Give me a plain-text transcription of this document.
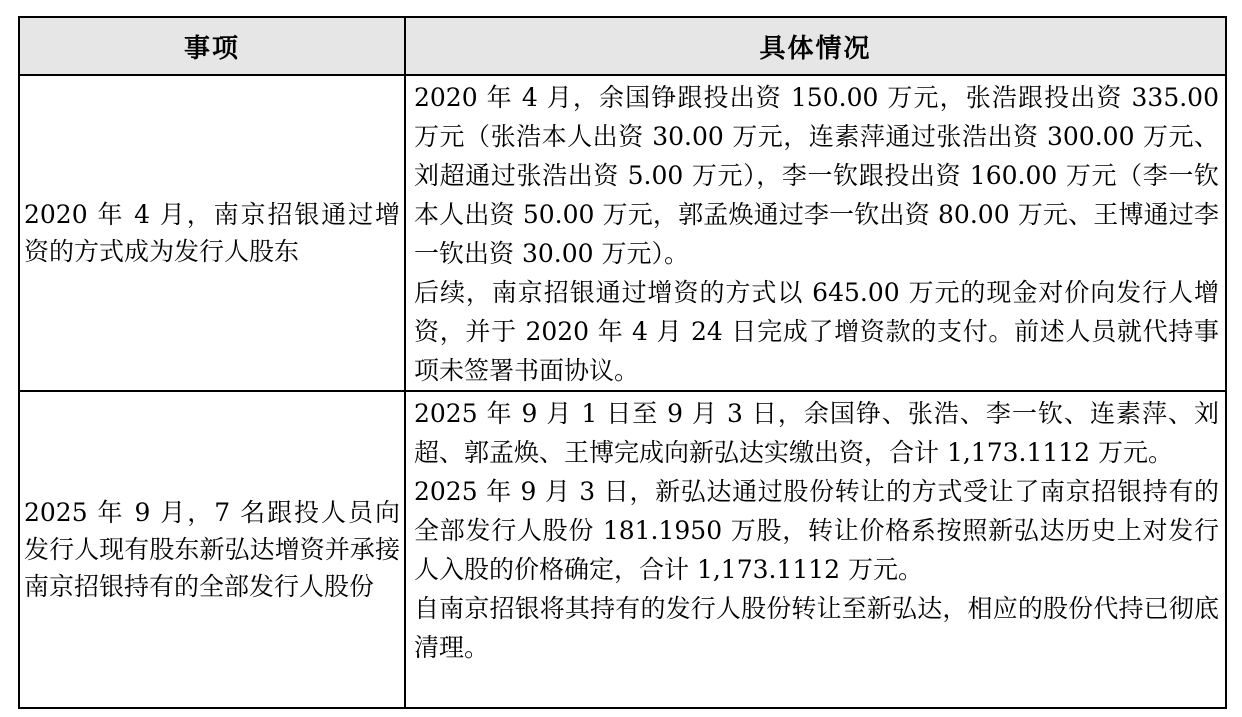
事项	具体情况
2020 年 4 月，南京招银通过增资的方式成为发行人股东	2020 年 4 月，余国铮跟投出资 150.00 万元，张浩跟投出资 335.00 万元（张浩本人出资 30.00 万元，连素萍通过张浩出资 300.00 万元、刘超通过张浩出资 5.00 万元），李一钦跟投出资 160.00 万元（李一钦本人出资 50.00 万元，郭孟焕通过李一钦出资 80.00 万元、王博通过李一钦出资 30.00 万元）。

后续，南京招银通过增资的方式以 645.00 万元的现金对价向发行人增资，并于 2020 年 4 月 24 日完成了增资款的支付。前述人员就代持事项未签署书面协议。

2025 年 9 月，7 名跟投人员向发行人现有股东新弘达增资并承接南京招银持有的全部发行人股份	2025 年 9 月 1 日至 9 月 3 日，余国铮、张浩、李一钦、连素萍、刘超、郭孟焕、王博完成向新弘达实缴出资，合计 1,173.1112 万元。

2025 年 9 月 3 日，新弘达通过股份转让的方式受让了南京招银持有的全部发行人股份 181.1950 万股，转让价格系按照新弘达历史上对发行人入股的价格确定，合计 1,173.1112 万元。

自南京招银将其持有的发行人股份转让至新弘达，相应的股份代持已彻底清理。
